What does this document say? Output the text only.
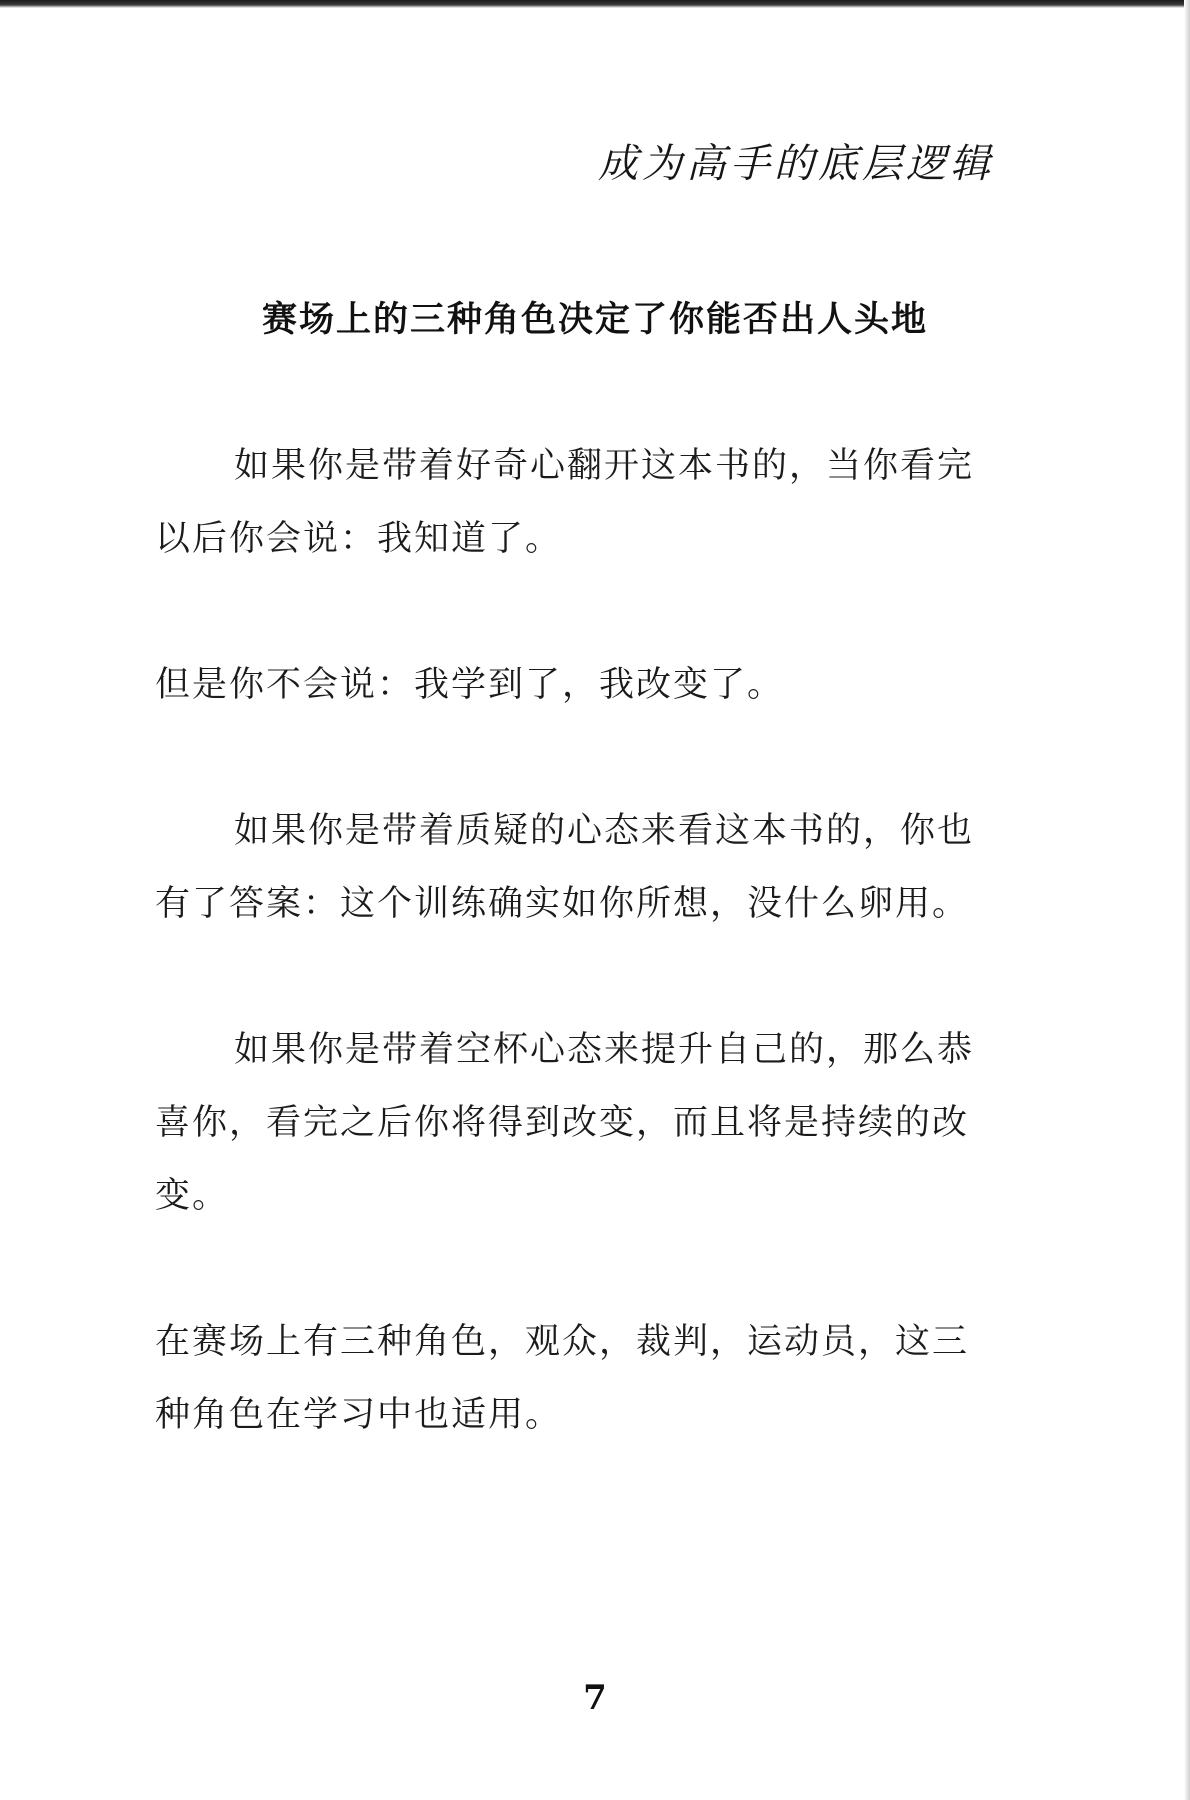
成为高手的底层逻辑
赛场上的三种角色决定了你能否出人头地

如果你是带着好奇心翻开这本书的，当你看完以后你会说：我知道了。

但是你不会说：我学到了，我改变了。

如果你是带着质疑的心态来看这本书的，你也有了答案：这个训练确实如你所想，没什么卵用。

如果你是带着空杯心态来提升自己的，那么恭喜你，看完之后你将得到改变，而且将是持续的改变。

在赛场上有三种角色，观众，裁判，运动员，这三种角色在学习中也适用。

7
